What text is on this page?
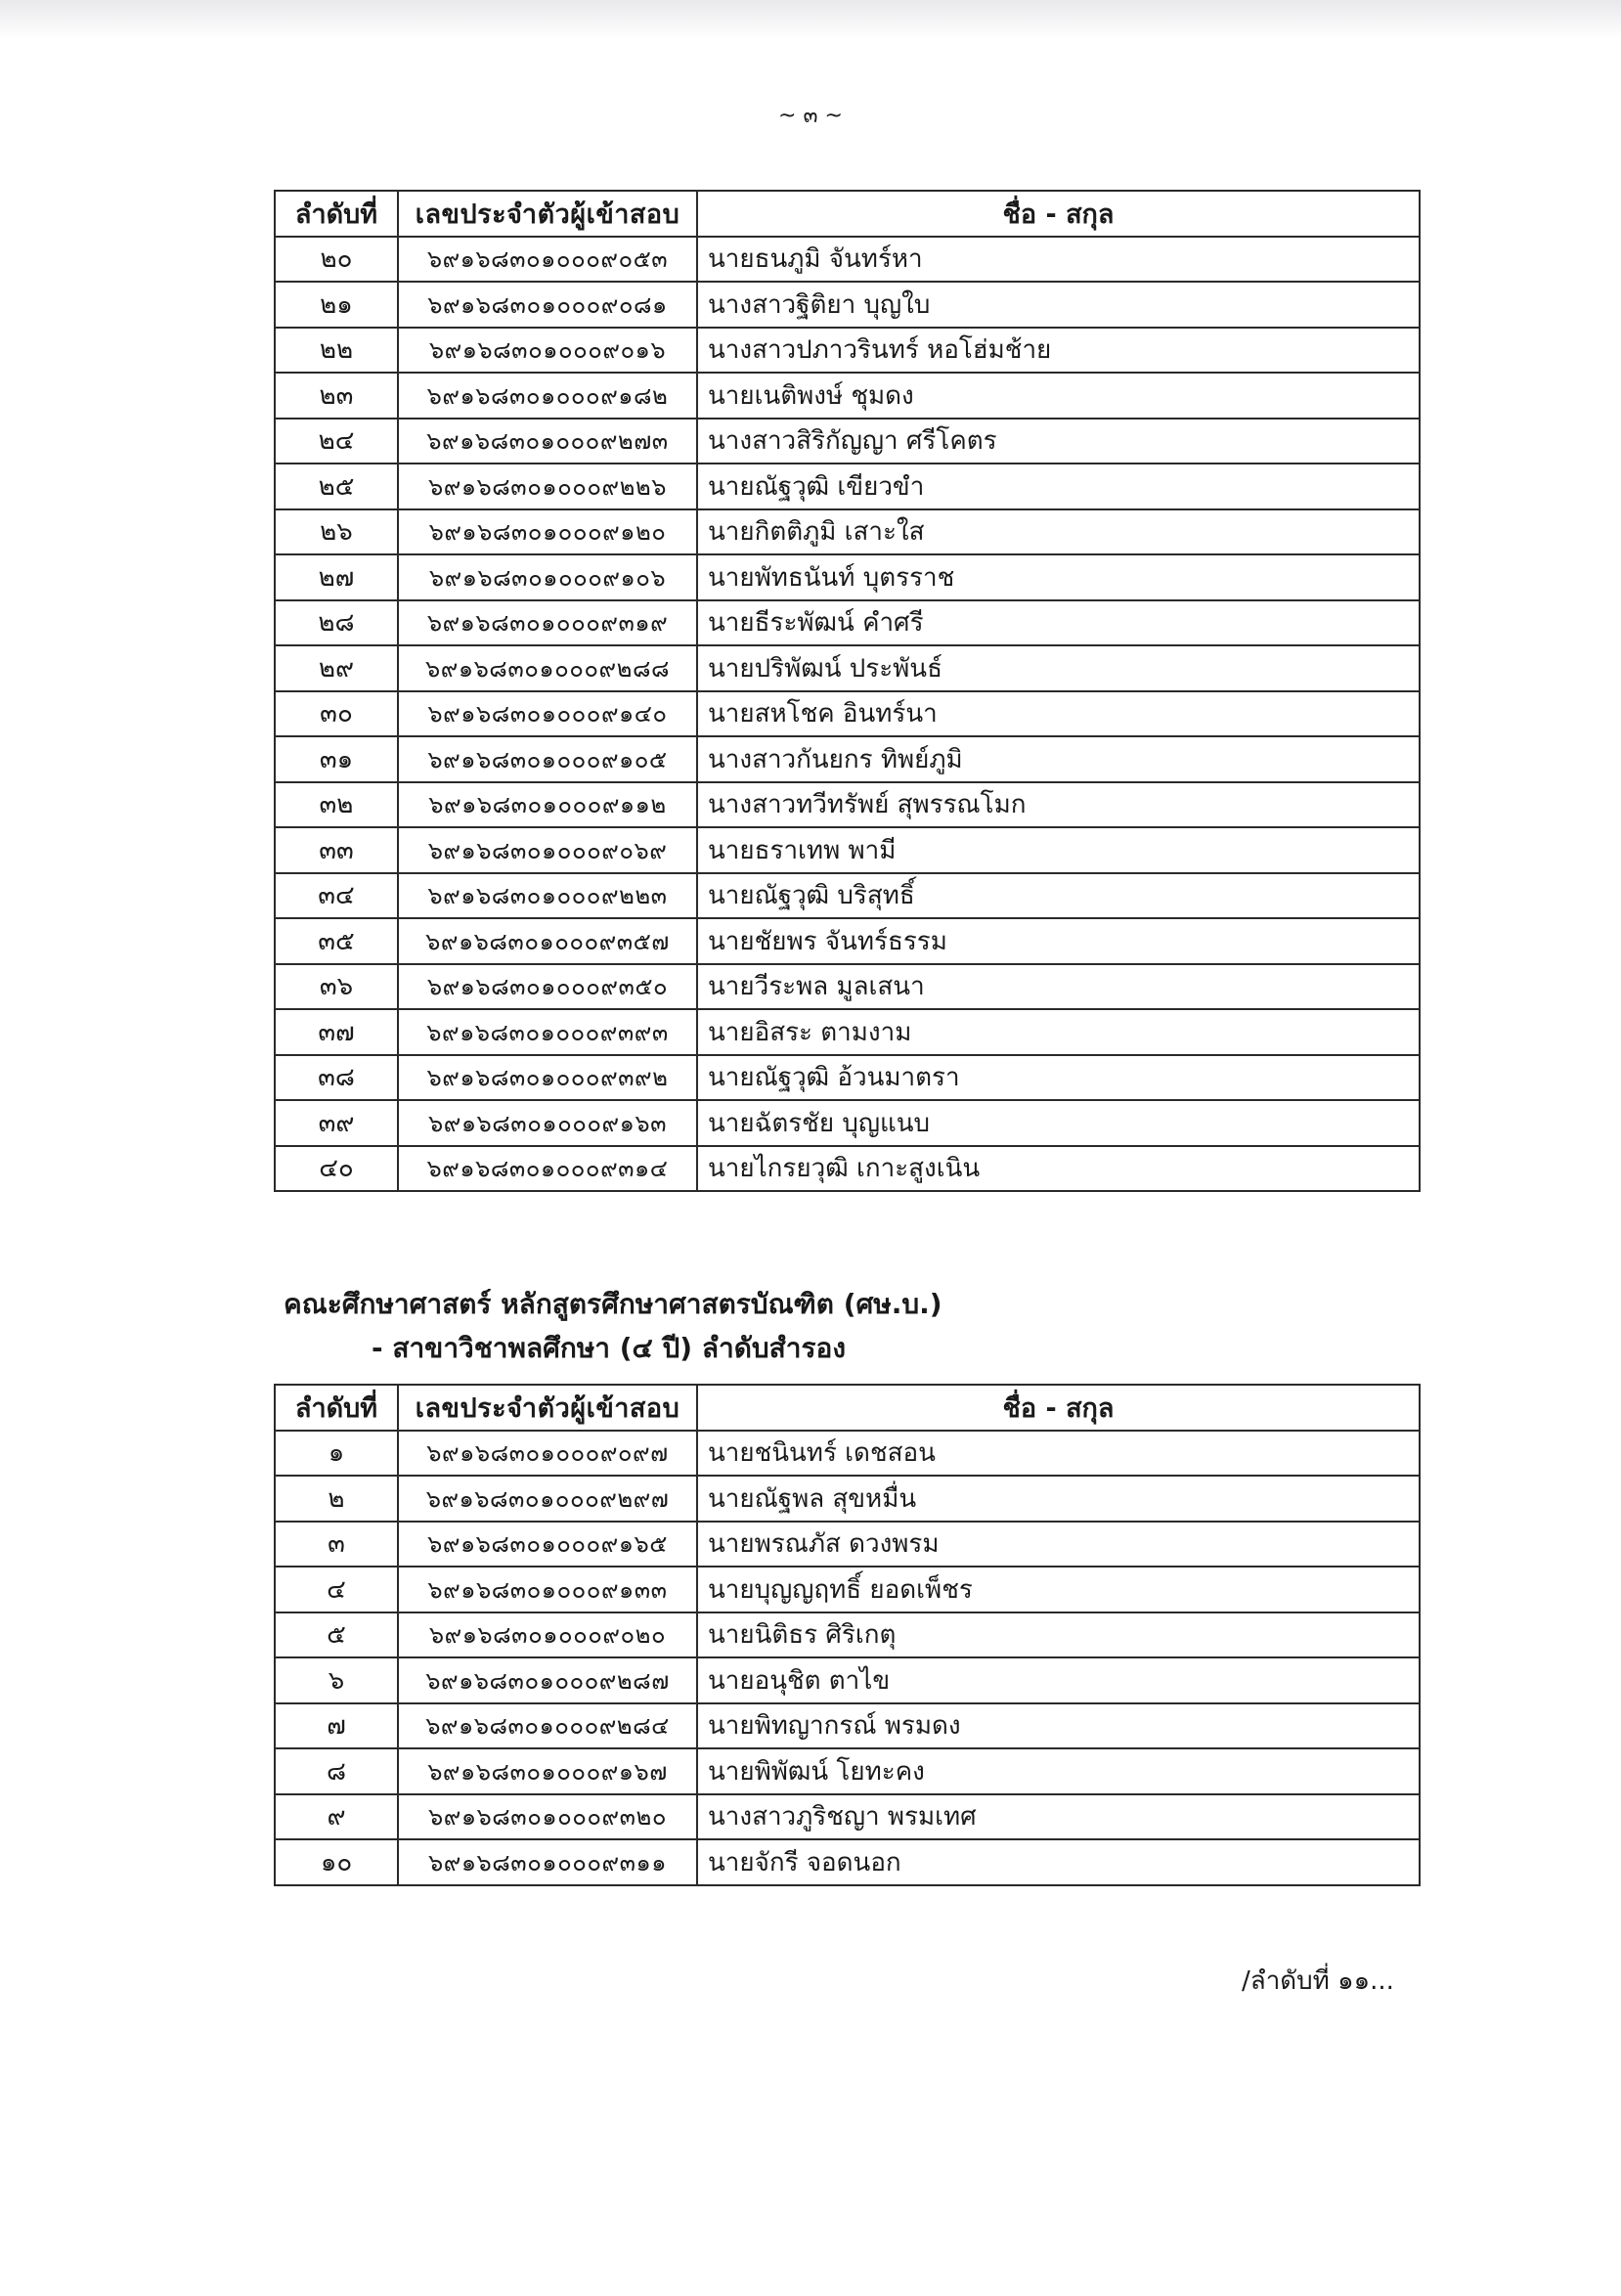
~ ๓ ~
ลำดับที่	เลขประจำตัวผู้เข้าสอบ	ชื่อ - สกุล
๒๐	๖๙๑๖๘๓๐๑๐๐๐๙๐๕๓	นายธนภูมิ จันทร์หา
๒๑	๖๙๑๖๘๓๐๑๐๐๐๙๐๘๑	นางสาวฐิติยา บุญใบ
๒๒	๖๙๑๖๘๓๐๑๐๐๐๙๐๑๖	นางสาวปภาวรินทร์ หอโฮ่มช้าย
๒๓	๖๙๑๖๘๓๐๑๐๐๐๙๑๘๒	นายเนติพงษ์ ชุมดง
๒๔	๖๙๑๖๘๓๐๑๐๐๐๙๒๗๓	นางสาวสิริกัญญา ศรีโคตร
๒๕	๖๙๑๖๘๓๐๑๐๐๐๙๒๒๖	นายณัฐวุฒิ เขียวขำ
๒๖	๖๙๑๖๘๓๐๑๐๐๐๙๑๒๐	นายกิตติภูมิ เสาะใส
๒๗	๖๙๑๖๘๓๐๑๐๐๐๙๑๐๖	นายพัทธนันท์ บุตรราช
๒๘	๖๙๑๖๘๓๐๑๐๐๐๙๓๑๙	นายธีระพัฒน์ คำศรี
๒๙	๖๙๑๖๘๓๐๑๐๐๐๙๒๘๘	นายปริพัฒน์ ประพันธ์
๓๐	๖๙๑๖๘๓๐๑๐๐๐๙๑๔๐	นายสหโชค อินทร์นา
๓๑	๖๙๑๖๘๓๐๑๐๐๐๙๑๐๕	นางสาวกันยกร ทิพย์ภูมิ
๓๒	๖๙๑๖๘๓๐๑๐๐๐๙๑๑๒	นางสาวทวีทรัพย์ สุพรรณโมก
๓๓	๖๙๑๖๘๓๐๑๐๐๐๙๐๖๙	นายธราเทพ พามี
๓๔	๖๙๑๖๘๓๐๑๐๐๐๙๒๒๓	นายณัฐวุฒิ บริสุทธิ์
๓๕	๖๙๑๖๘๓๐๑๐๐๐๙๓๕๗	นายชัยพร จันทร์ธรรม
๓๖	๖๙๑๖๘๓๐๑๐๐๐๙๓๕๐	นายวีระพล มูลเสนา
๓๗	๖๙๑๖๘๓๐๑๐๐๐๙๓๙๓	นายอิสระ ตามงาม
๓๘	๖๙๑๖๘๓๐๑๐๐๐๙๓๙๒	นายณัฐวุฒิ อ้วนมาตรา
๓๙	๖๙๑๖๘๓๐๑๐๐๐๙๑๖๓	นายฉัตรชัย บุญแนบ
๔๐	๖๙๑๖๘๓๐๑๐๐๐๙๓๑๔	นายไกรยวุฒิ เกาะสูงเนิน
คณะศึกษาศาสตร์ หลักสูตรศึกษาศาสตรบัณฑิต (ศษ.บ.)
- สาขาวิชาพลศึกษา (๔ ปี) ลำดับสำรอง
ลำดับที่	เลขประจำตัวผู้เข้าสอบ	ชื่อ - สกุล
๑	๖๙๑๖๘๓๐๑๐๐๐๙๐๙๗	นายชนินทร์ เดชสอน
๒	๖๙๑๖๘๓๐๑๐๐๐๙๒๙๗	นายณัฐพล สุขหมื่น
๓	๖๙๑๖๘๓๐๑๐๐๐๙๑๖๕	นายพรณภัส ดวงพรม
๔	๖๙๑๖๘๓๐๑๐๐๐๙๑๓๓	นายบุญญฤทธิ์ ยอดเพ็ชร
๕	๖๙๑๖๘๓๐๑๐๐๐๙๐๒๐	นายนิติธร ศิริเกตุ
๖	๖๙๑๖๘๓๐๑๐๐๐๙๒๘๗	นายอนุชิต ตาไข
๗	๖๙๑๖๘๓๐๑๐๐๐๙๒๘๔	นายพิทญากรณ์ พรมดง
๘	๖๙๑๖๘๓๐๑๐๐๐๙๑๖๗	นายพิพัฒน์ โยทะคง
๙	๖๙๑๖๘๓๐๑๐๐๐๙๓๒๐	นางสาวภูริชญา พรมเทศ
๑๐	๖๙๑๖๘๓๐๑๐๐๐๙๓๑๑	นายจักรี จอดนอก
/ลำดับที่ ๑๑...
